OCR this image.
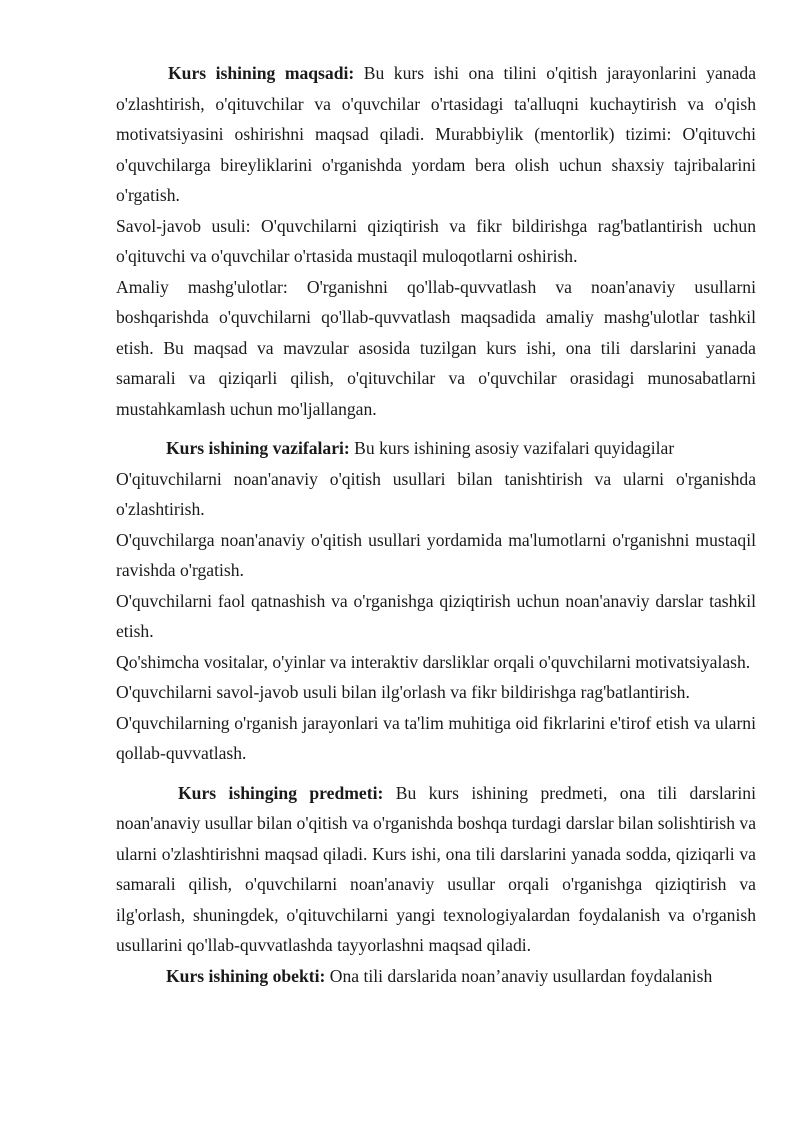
Kurs ishining maqsadi: Bu kurs ishi ona tilini o'qitish jarayonlarini yanada o'zlashtirish, o'qituvchilar va o'quvchilar o'rtasidagi ta'alluqni kuchaytirish va o'qish motivatsiyasini oshirishni maqsad qiladi. Murabbiylik (mentorlik) tizimi: O'qituvchi o'quvchilarga bireyliklarini o'rganishda yordam bera olish uchun shaxsiy tajribalarini o'rgatish.

Savol-javob usuli: O'quvchilarni qiziqtirish va fikr bildirishga rag'batlantirish uchun o'qituvchi va o'quvchilar o'rtasida mustaqil muloqotlarni oshirish.

Amaliy mashg'ulotlar: O'rganishni qo'llab-quvvatlash va noan'anaviy usullarni boshqarishda o'quvchilarni qo'llab-quvvatlash maqsadida amaliy mashg'ulotlar tashkil etish. Bu maqsad va mavzular asosida tuzilgan kurs ishi, ona tili darslarini yanada samarali va qiziqarli qilish, o'qituvchilar va o'quvchilar orasidagi munosabatlarni mustahkamlash uchun mo'ljallangan.

Kurs ishining vazifalari: Bu kurs ishining asosiy vazifalari quyidagilar

O'qituvchilarni noan'anaviy o'qitish usullari bilan tanishtirish va ularni o'rganishda o'zlashtirish.

O'quvchilarga noan'anaviy o'qitish usullari yordamida ma'lumotlarni o'rganishni mustaqil ravishda o'rgatish.

O'quvchilarni faol qatnashish va o'rganishga qiziqtirish uchun noan'anaviy darslar tashkil etish.

Qo'shimcha vositalar, o'yinlar va interaktiv darsliklar orqali o'quvchilarni motivatsiyalash.

O'quvchilarni savol-javob usuli bilan ilg'orlash va fikr bildirishga rag'batlantirish.

O'quvchilarning o'rganish jarayonlari va ta'lim muhitiga oid fikrlarini e'tirof etish va ularni qollab-quvvatlash.

Kurs ishinging predmeti: Bu kurs ishining predmeti, ona tili darslarini noan'anaviy usullar bilan o'qitish va o'rganishda boshqa turdagi darslar bilan solishtirish va ularni o'zlashtirishni maqsad qiladi. Kurs ishi, ona tili darslarini yanada sodda, qiziqarli va samarali qilish, o'quvchilarni noan'anaviy usullar orqali o'rganishga qiziqtirish va ilg'orlash, shuningdek, o'qituvchilarni yangi texnologiyalardan foydalanish va o'rganish usullarini qo'llab-quvvatlashda tayyorlashni maqsad qiladi.

Kurs ishining obekti: Ona tili darslarida noan’anaviy usullardan foydalanish
